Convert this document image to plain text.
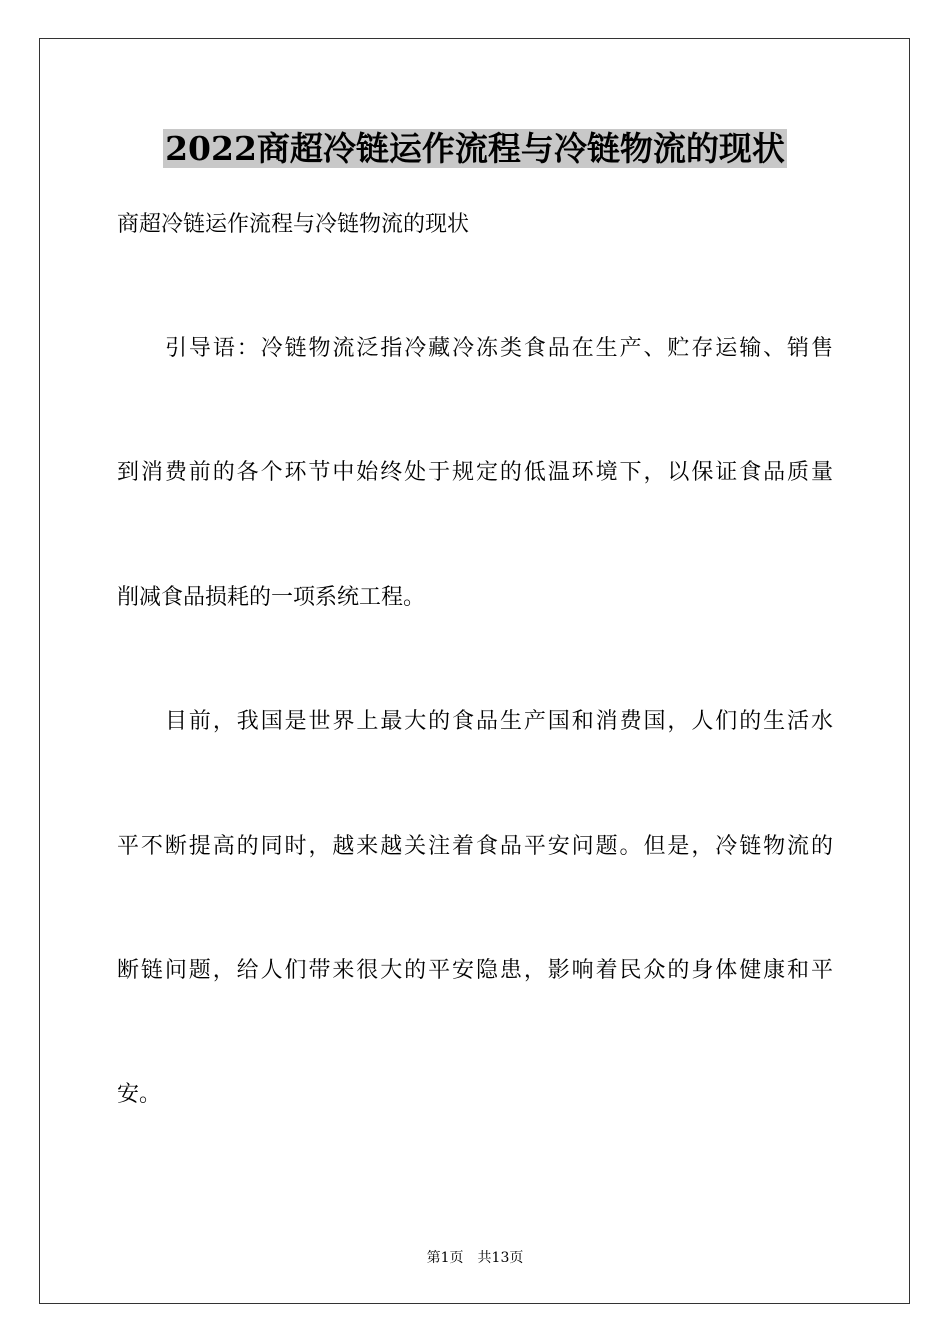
2022商超冷链运作流程与冷链物流的现状
商超冷链运作流程与冷链物流的现状
引导语：冷链物流泛指冷藏冷冻类食品在生产、贮存运输、销售
到消费前的各个环节中始终处于规定的低温环境下，以保证食品质量
削减食品损耗的一项系统工程。
目前，我国是世界上最大的食品生产国和消费国，人们的生活水
平不断提高的同时，越来越关注着食品平安问题。但是，冷链物流的
断链问题，给人们带来很大的平安隐患，影响着民众的身体健康和平
安。
第1页 共13页
